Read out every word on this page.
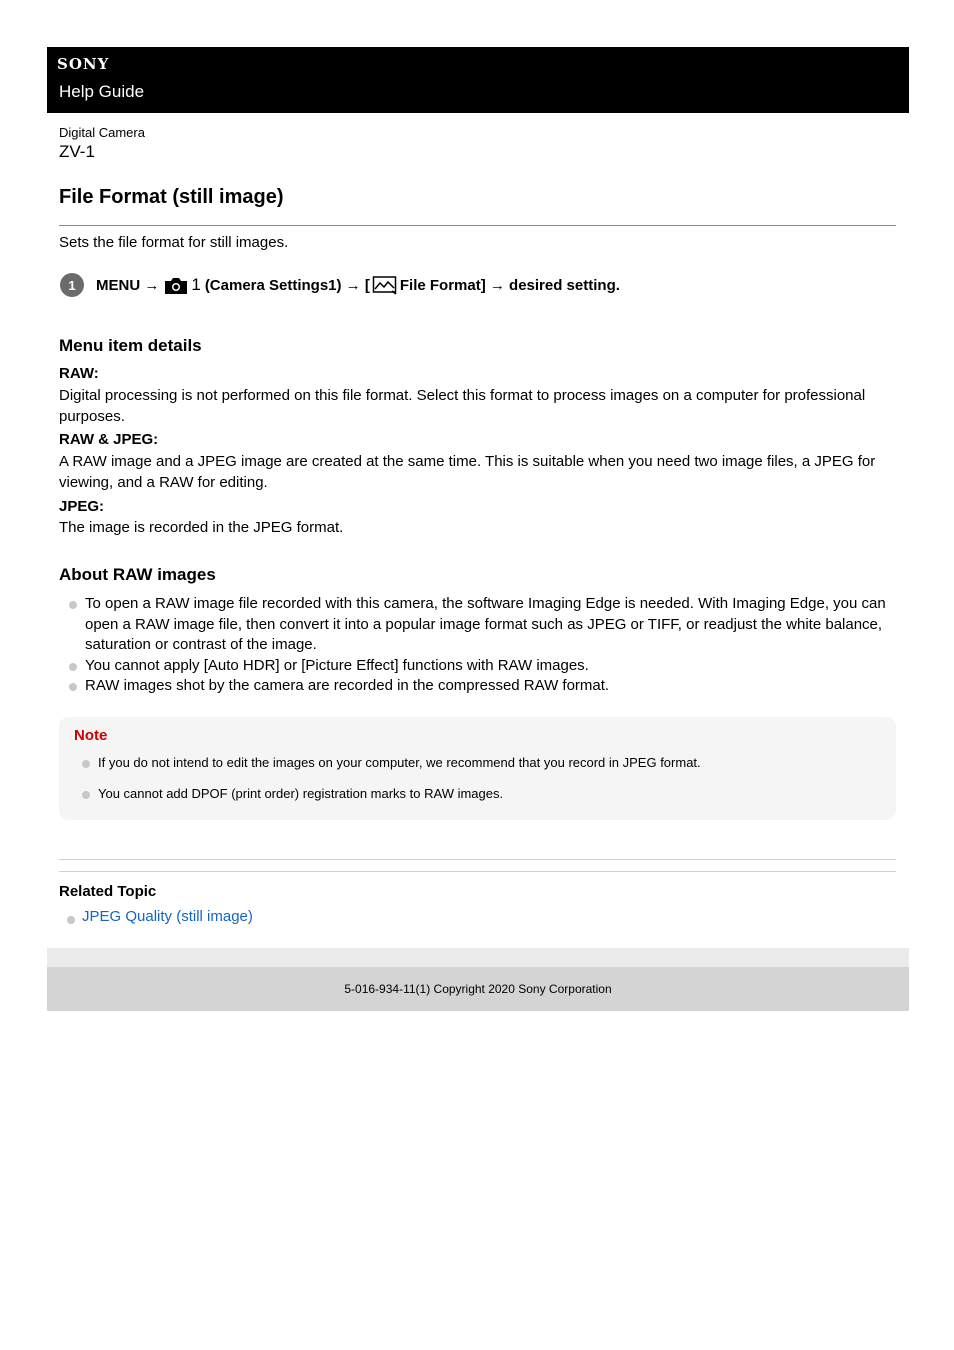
SONY
Help Guide
Digital Camera
ZV-1
File Format (still image)
Sets the file format for still images.
1	MENU → 1 (Camera Settings1) → [ File Format] → desired setting.
Menu item details
RAW:
Digital processing is not performed on this file format. Select this format to process images on a computer for professional purposes.
RAW & JPEG:
A RAW image and a JPEG image are created at the same time. This is suitable when you need two image files, a JPEG for viewing, and a RAW for editing.
JPEG:
The image is recorded in the JPEG format.
About RAW images
To open a RAW image file recorded with this camera, the software Imaging Edge is needed. With Imaging Edge, you can open a RAW image file, then convert it into a popular image format such as JPEG or TIFF, or readjust the white balance, saturation or contrast of the image.
You cannot apply [Auto HDR] or [Picture Effect] functions with RAW images.
RAW images shot by the camera are recorded in the compressed RAW format.
Note
If you do not intend to edit the images on your computer, we recommend that you record in JPEG format.
You cannot add DPOF (print order) registration marks to RAW images.
Related Topic
JPEG Quality (still image)
5-016-934-11(1) Copyright 2020 Sony Corporation
